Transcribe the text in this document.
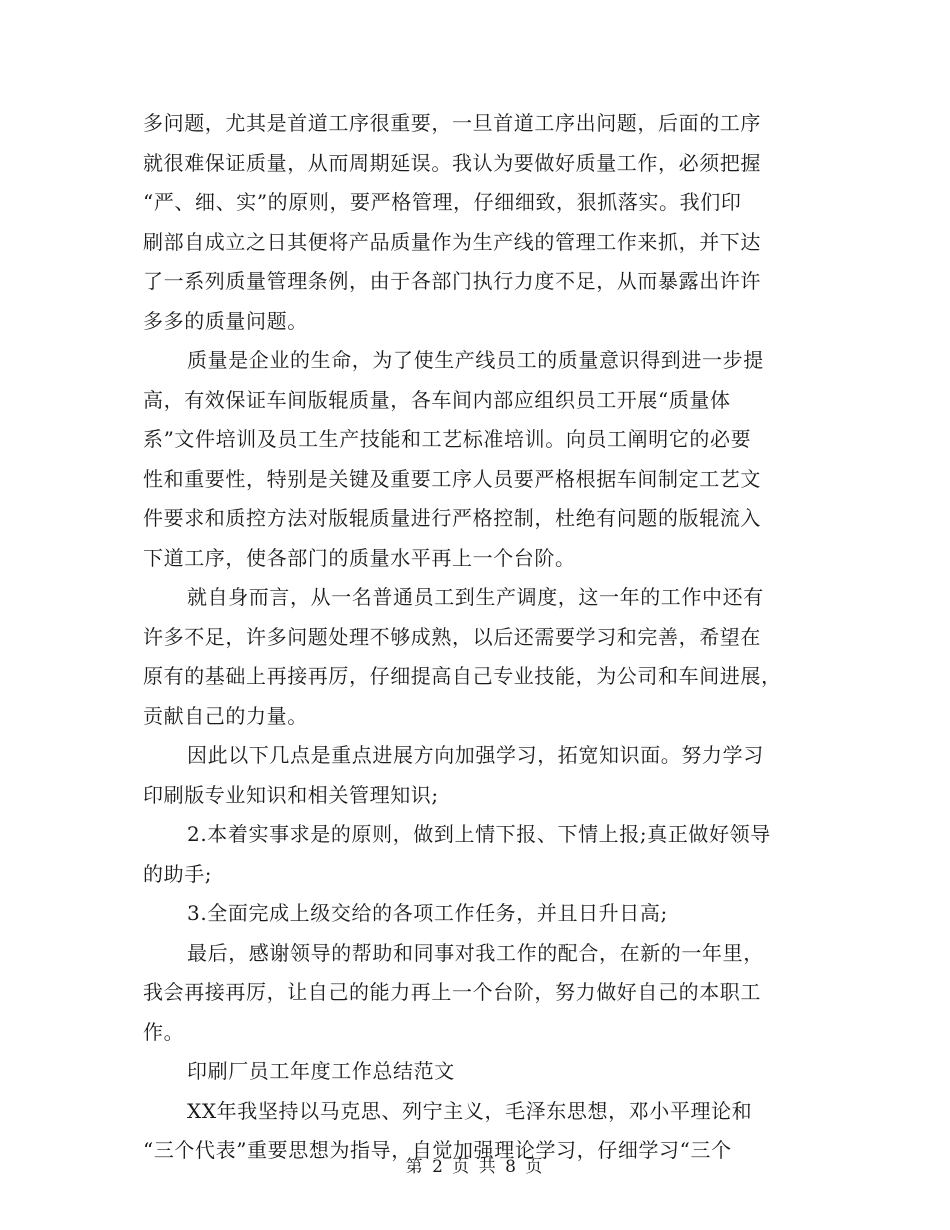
多问题，尤其是首道工序很重要，一旦首道工序出问题，后面的工序
就很难保证质量，从而周期延误。我认为要做好质量工作，必须把握
“严、细、实”的原则，要严格管理，仔细细致，狠抓落实。我们印
刷部自成立之日其便将产品质量作为生产线的管理工作来抓，并下达
了一系列质量管理条例，由于各部门执行力度不足，从而暴露出许许
多多的质量问题。
质量是企业的生命，为了使生产线员工的质量意识得到进一步提
高，有效保证车间版辊质量，各车间内部应组织员工开展“质量体
系”文件培训及员工生产技能和工艺标准培训。向员工阐明它的必要
性和重要性，特别是关键及重要工序人员要严格根据车间制定工艺文
件要求和质控方法对版辊质量进行严格控制，杜绝有问题的版辊流入
下道工序，使各部门的质量水平再上一个台阶。
就自身而言，从一名普通员工到生产调度，这一年的工作中还有
许多不足，许多问题处理不够成熟，以后还需要学习和完善，希望在
原有的基础上再接再厉，仔细提高自己专业技能，为公司和车间进展，
贡献自己的力量。
因此以下几点是重点进展方向加强学习，拓宽知识面。努力学习
印刷版专业知识和相关管理知识;
2.本着实事求是的原则，做到上情下报、下情上报;真正做好领导
的助手;
3.全面完成上级交给的各项工作任务，并且日升日高;
最后，感谢领导的帮助和同事对我工作的配合，在新的一年里，
我会再接再厉，让自己的能力再上一个台阶，努力做好自己的本职工
作。
印刷厂员工年度工作总结范文
XX年我坚持以马克思、列宁主义，毛泽东思想，邓小平理论和
“三个代表”重要思想为指导，自觉加强理论学习，仔细学习“三个
第 2 页 共 8 页
